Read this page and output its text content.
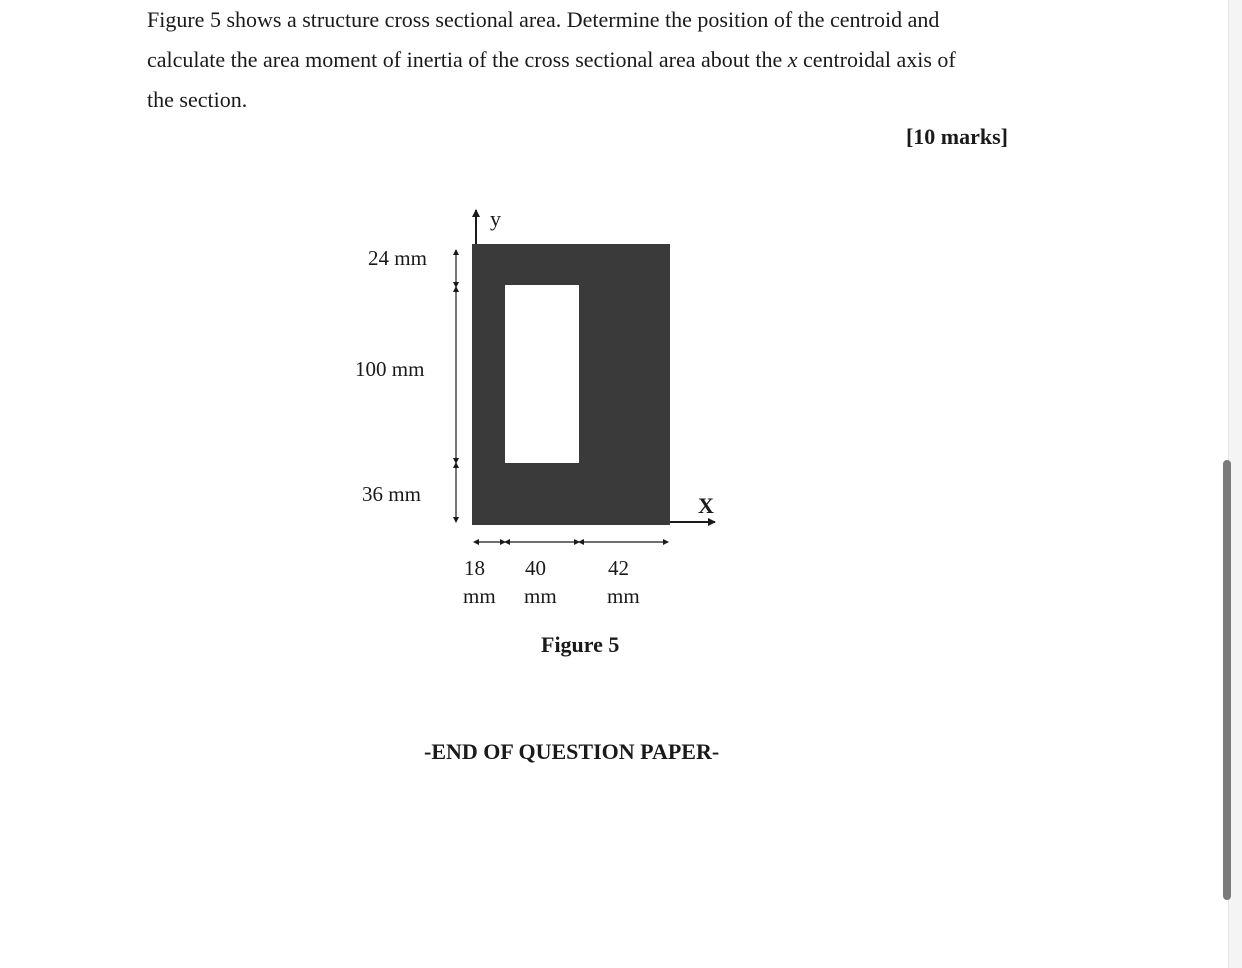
Figure 5 shows a structure cross sectional area. Determine the position of the centroid and
calculate the area moment of inertia of the cross sectional area about the x centroidal axis of
the section.
[10 marks]
y
X
24 mm
100 mm
36 mm
18
mm
40
mm
42
mm
Figure 5
-END OF QUESTION PAPER-
